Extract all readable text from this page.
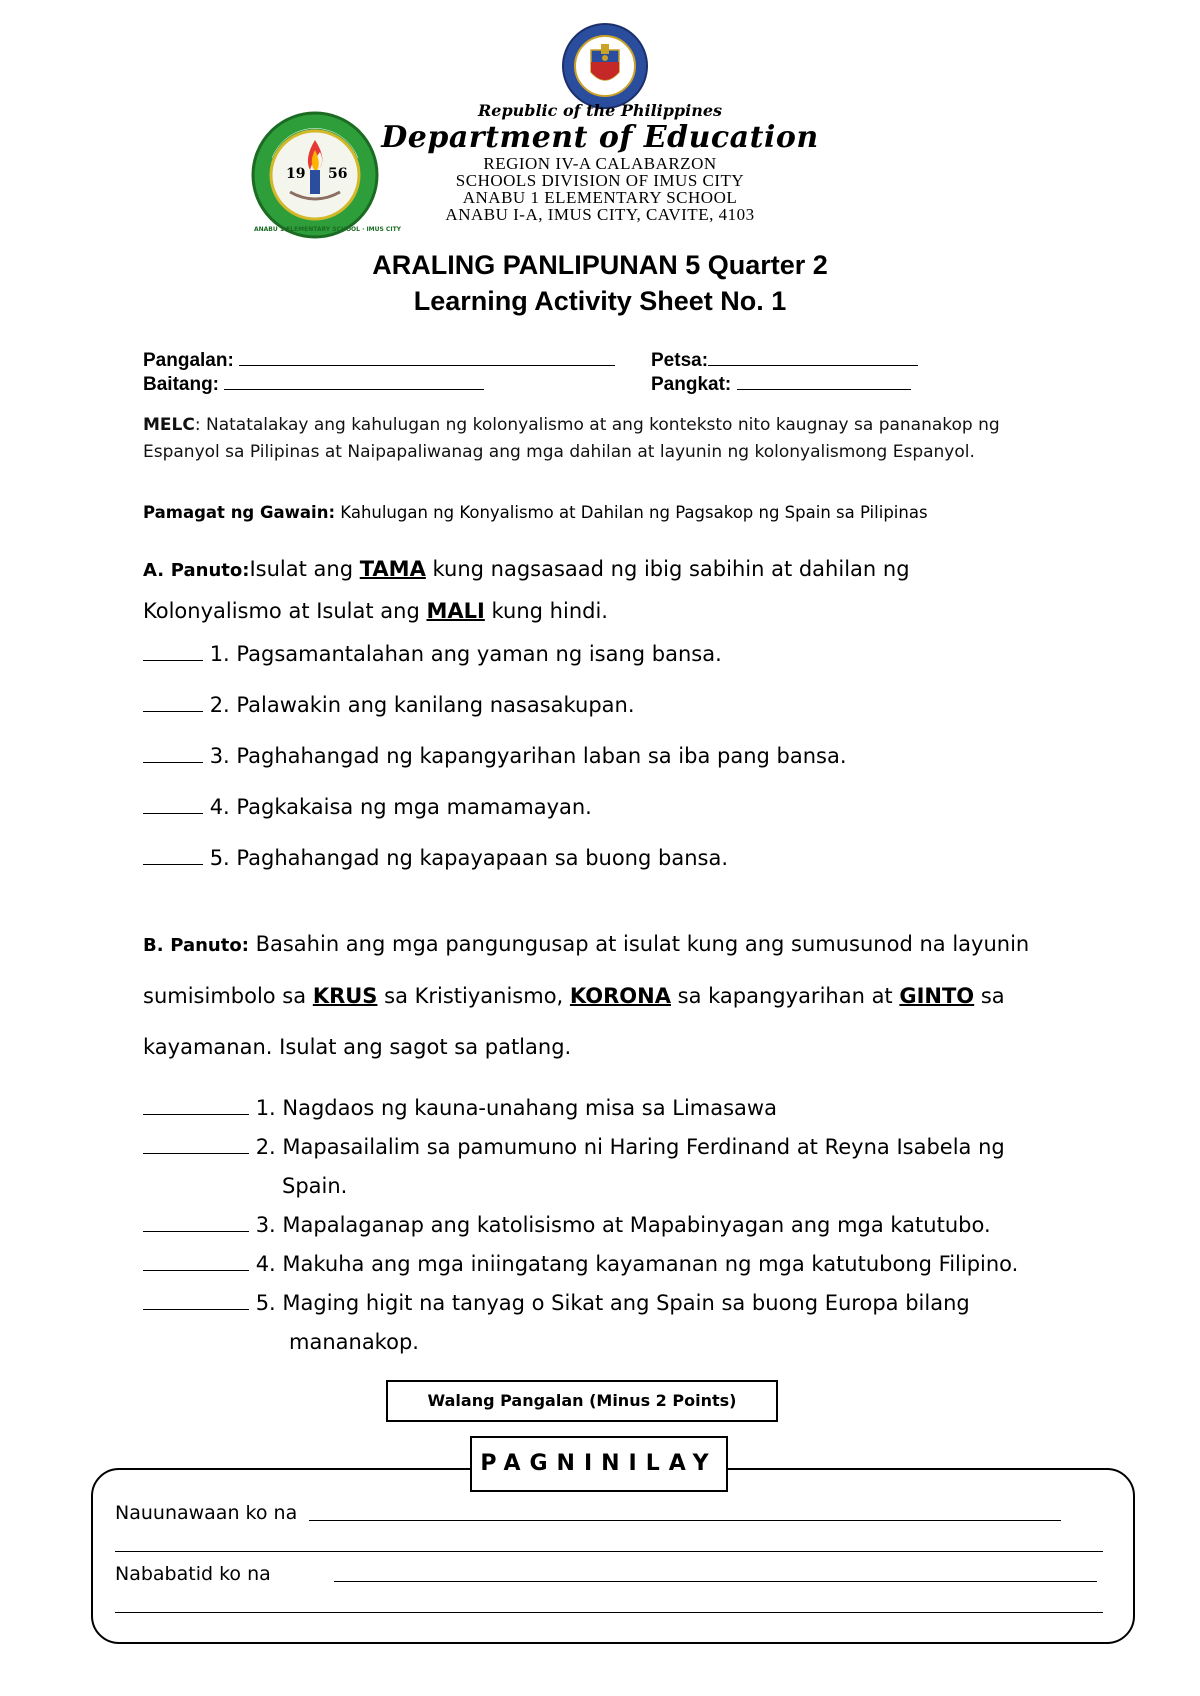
19 56
ANABU 1 ELEMENTARY SCHOOL · IMUS CITY
Republic of the Philippines
Department of Education
REGION IV-A CALABARZON
SCHOOLS DIVISION OF IMUS CITY
ANABU 1 ELEMENTARY SCHOOL
ANABU I-A, IMUS CITY, CAVITE, 4103
ARALING PANLIPUNAN 5 Quarter 2
Learning Activity Sheet No. 1
Pangalan:	Petsa:
Baitang:	Pangkat:
MELC: Natatalakay ang kahulugan ng kolonyalismo at ang konteksto nito kaugnay sa pananakop ng
Espanyol sa Pilipinas at Naipapaliwanag ang mga dahilan at layunin ng kolonyalismong Espanyol.
Pamagat ng Gawain: Kahulugan ng Konyalismo at Dahilan ng Pagsakop ng Spain sa Pilipinas
A. Panuto:Isulat ang TAMA kung nagsasaad ng ibig sabihin at dahilan ng
Kolonyalismo at Isulat ang MALI kung hindi.
1. Pagsamantalahan ang yaman ng isang bansa.
2. Palawakin ang kanilang nasasakupan.
3. Paghahangad ng kapangyarihan laban sa iba pang bansa.
4. Pagkakaisa ng mga mamamayan.
5. Paghahangad ng kapayapaan sa buong bansa.
B. Panuto: Basahin ang mga pangungusap at isulat kung ang sumusunod na layunin
sumisimbolo sa KRUS sa Kristiyanismo, KORONA sa kapangyarihan at GINTO sa
kayamanan. Isulat ang sagot sa patlang.
1. Nagdaos ng kauna-unahang misa sa Limasawa
2. Mapasailalim sa pamumuno ni Haring Ferdinand at Reyna Isabela ng
Spain.
3. Mapalaganap ang katolisismo at Mapabinyagan ang mga katutubo.
4. Makuha ang mga iniingatang kayamanan ng mga katutubong Filipino.
5. Maging higit na tanyag o Sikat ang Spain sa buong Europa bilang
mananakop.
Walang Pangalan (Minus 2 Points)
PAGNINILAY
Nauunawaan ko na
Nababatid ko na
